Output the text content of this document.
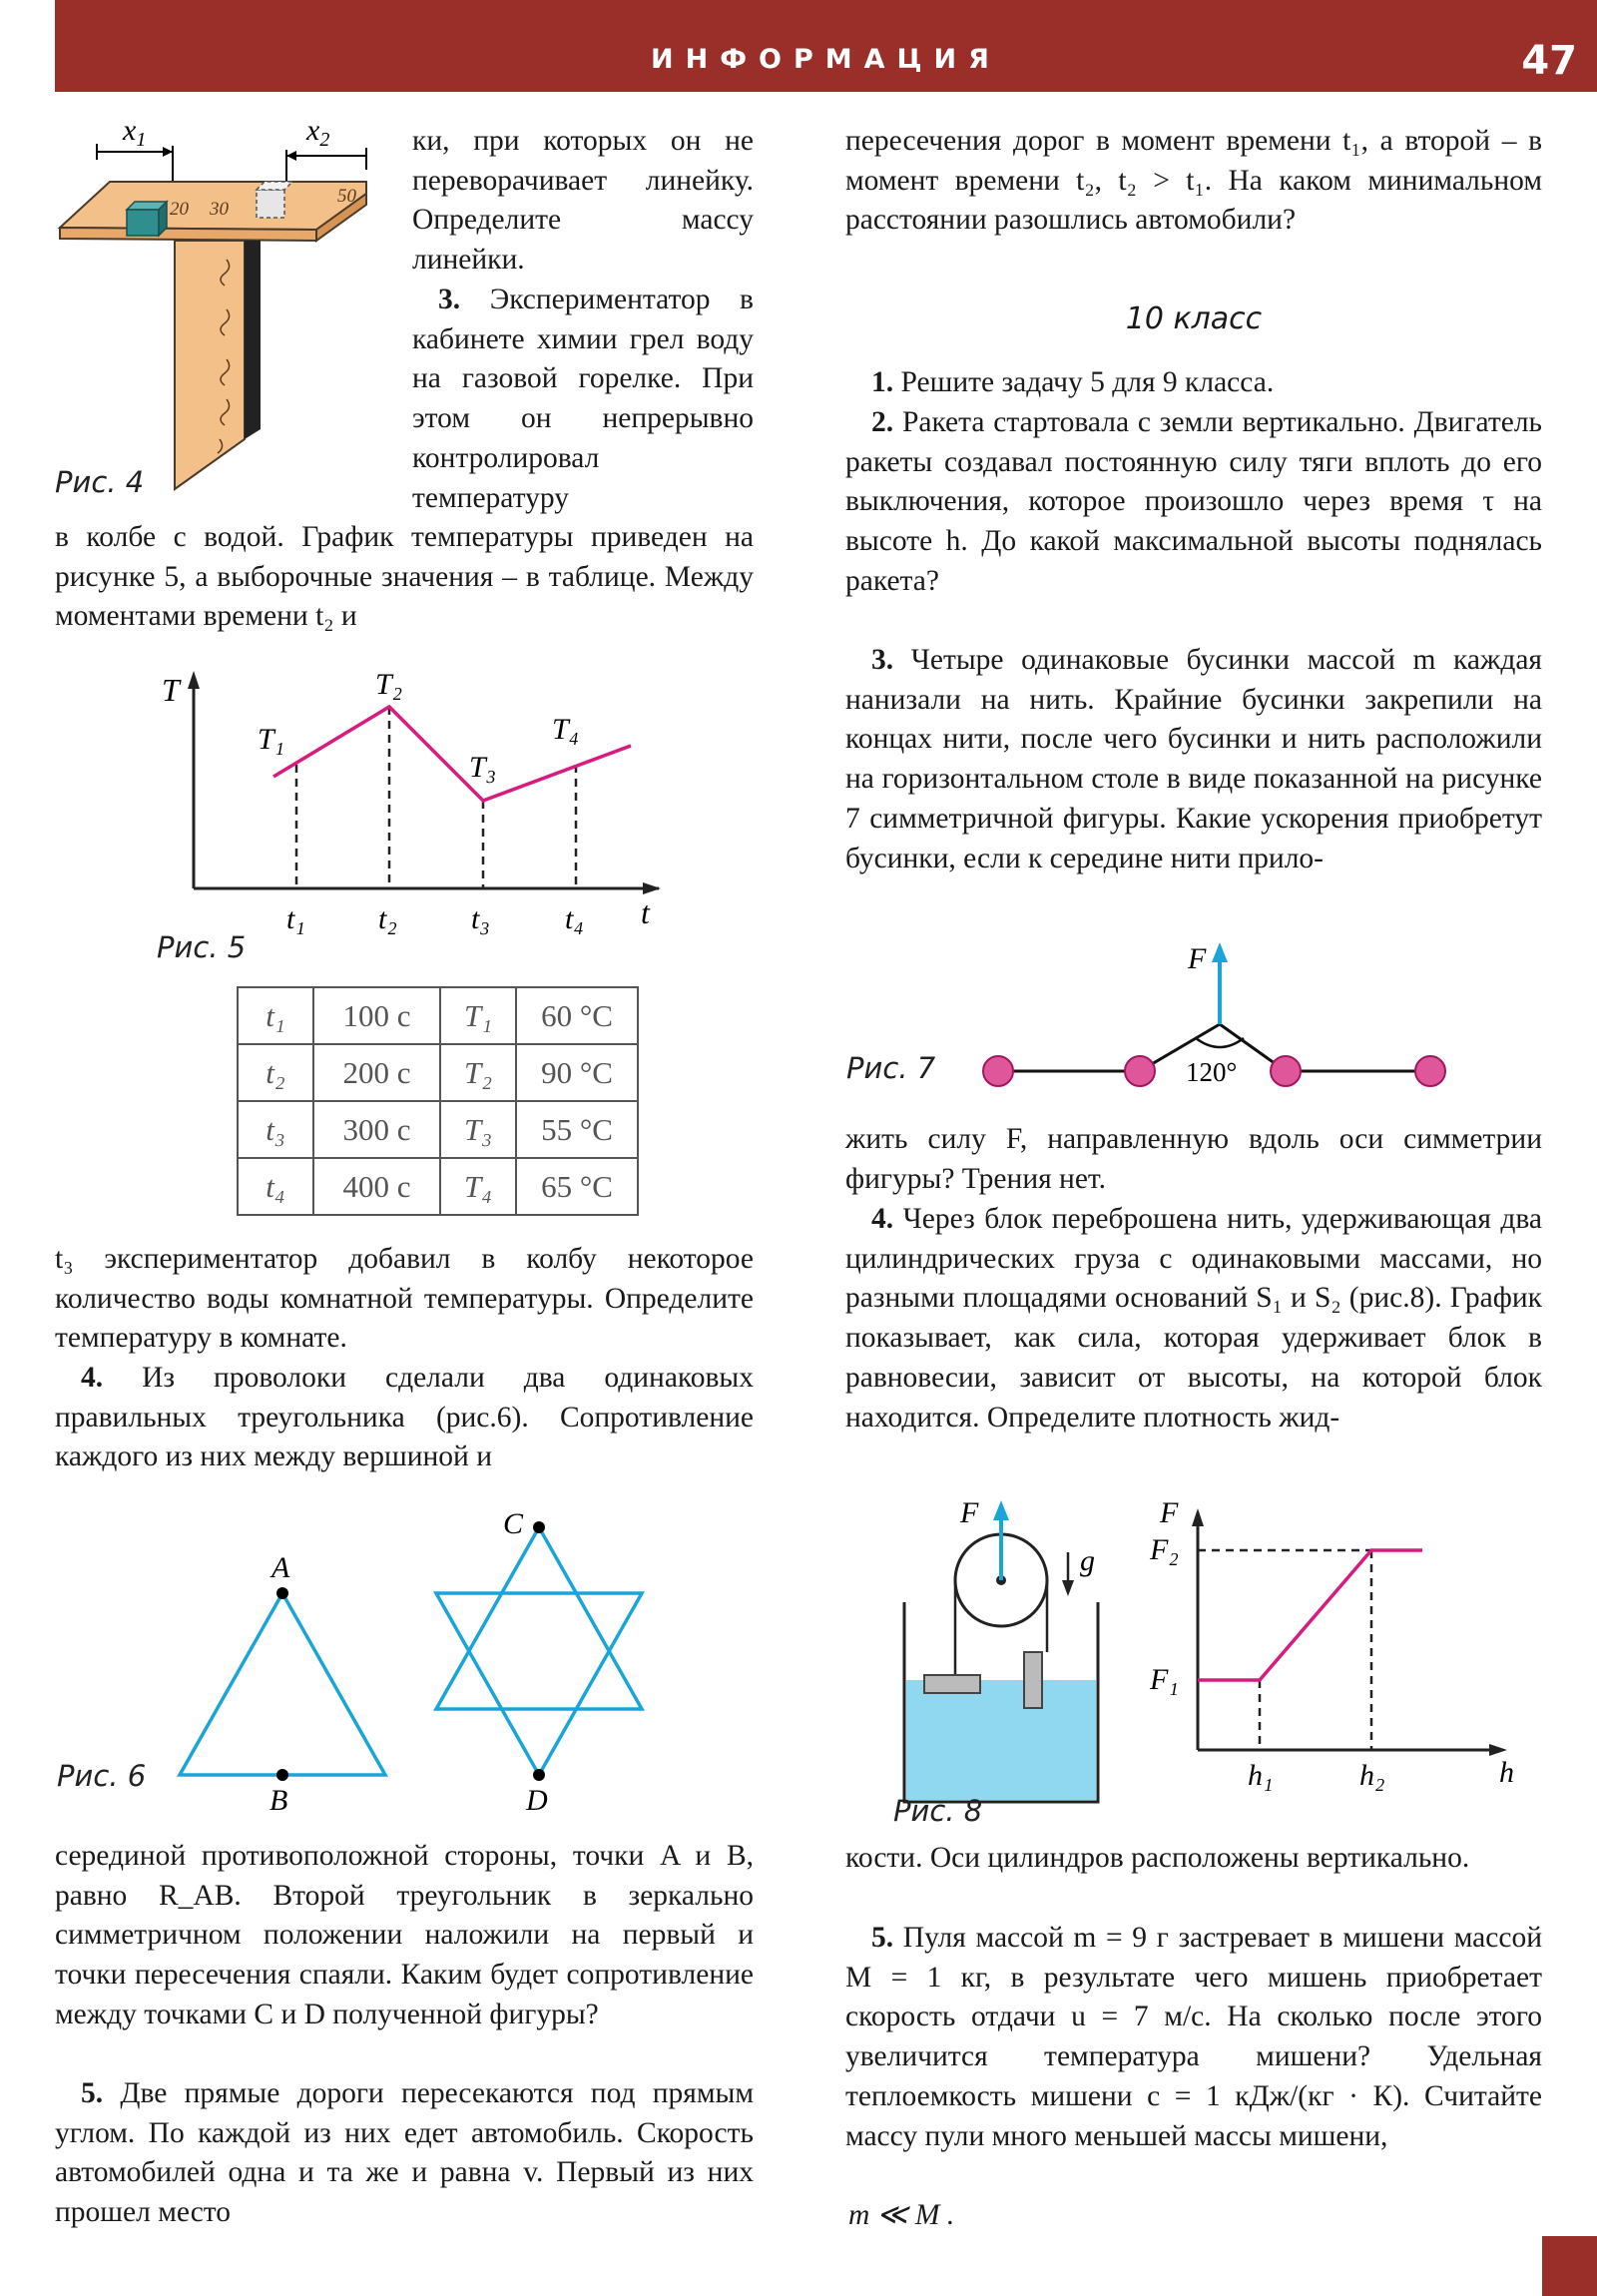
ИНФОРМАЦИЯ	47
$x_1$	$x_2$
20 30
50
Рис. 4

ки, при которых он не переворачивает линейку. Определите массу линейки.

3. Экспериментатор в кабинете химии грел воду на газовой горелке. При этом он непрерывно контролировал температуру

в колбе с водой. График температуры приведен на рисунке 5, а выборочные значения – в таблице. Между моментами времени t₂ и

T
t
T₁
T₂
T₃
T₄
t₁ t₂ t₃	t₄
Рис. 5
t₁	100 с	T₁	60 °С
t₂	200 с	T₂	90 °С
t₃	300 с	T₃	55 °С
t₄	400 с	T₄	65 °С

t₃ экспериментатор добавил в колбу некоторое количество воды комнатной температуры. Определите температуру в комнате.

4. Из проволоки сделали два одинаковых правильных треугольника (рис.6). Сопротивление каждого из них между вершиной и

A
B
C
D
Рис. 6

серединой противоположной стороны, точки A и B, равно R_AB. Второй треугольник в зеркально симметричном положении наложили на первый и точки пересечения спаяли. Каким будет сопротивление между точками C и D полученной фигуры?

5. Две прямые дороги пересекаются под прямым углом. По каждой из них едет автомобиль. Скорость автомобилей одна и та же и равна v. Первый из них прошел место

пересечения дорог в момент времени t₁, а второй – в момент времени t₂, t₂ > t₁. На каком минимальном расстоянии разошлись автомобили?

10 класс

1. Решите задачу 5 для 9 класса.

2. Ракета стартовала с земли вертикально. Двигатель ракеты создавал постоянную силу тяги вплоть до его выключения, которое произошло через время τ на высоте h. До какой максимальной высоты поднялась ракета?

3. Четыре одинаковые бусинки массой m каждая нанизали на нить. Крайние бусинки закрепили на концах нити, после чего бусинки и нить расположили на горизонтальном столе в виде показанной на рисунке 7 симметричной фигуры. Какие ускорения приобретут бусинки, если к середине нити прило-

F
120°
Рис. 7

жить силу F, направленную вдоль оси симметрии фигуры? Трения нет.

4. Через блок переброшена нить, удерживающая два цилиндрических груза с одинаковыми массами, но разными площадями оснований S₁ и S₂ (рис.8). График показывает, как сила, которая удерживает блок в равновесии, зависит от высоты, на которой блок находится. Определите плотность жид-

F
g
F
h
F₂
F₁
h₁	h₂
Рис. 8

кости. Оси цилиндров расположены вертикально.

5. Пуля массой m = 9 г застревает в мишени массой M = 1 кг, в результате чего мишень приобретает скорость отдачи u = 7 м/с. На сколько после этого увеличится температура мишени? Удельная теплоемкость мишени c = 1 кДж/(кг · К). Считайте массу пули много меньшей массы мишени,

m ≪ M .
